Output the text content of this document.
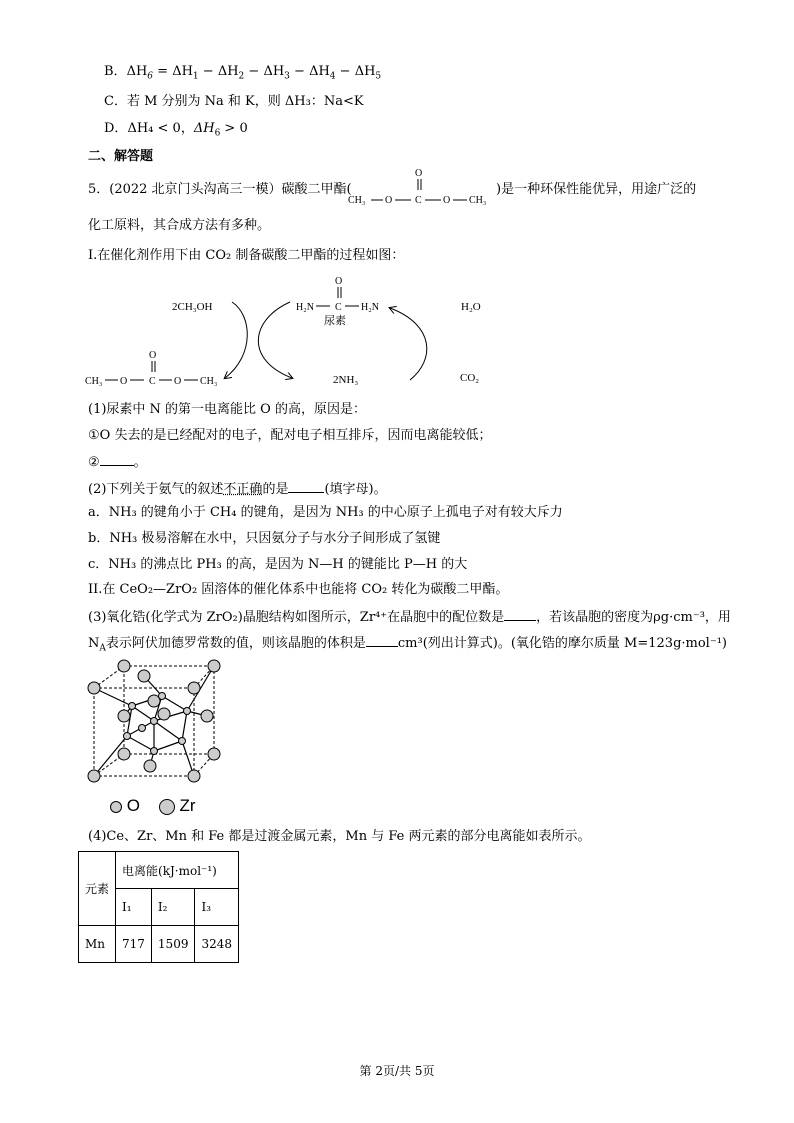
B．$\Delta H_6 = \Delta H_1 - \Delta H_2 - \Delta H_3 - \Delta H_4 - \Delta H_5$
C．若 M 分别为 Na 和 K，则 ΔH₃：Na<K
D．ΔH₄ < 0，$\Delta H_6 > 0$
二、解答题
5．(2022 北京门头沟高三一模）碳酸二甲酯(
O
CH₃ O C O CH₃
)是一种环保性能优异，用途广泛的
化工原料，其合成方法有多种。
I.在催化剂作用下由 CO₂ 制备碳酸二甲酯的过程如图：
2CH₃OH
O
H₂N C H₂N
尿素
H₂O
O
CH₃ O C O CH₃	2NH₃	CO₂
(1)尿素中 N 的第一电离能比 O 的高，原因是：
①O 失去的是已经配对的电子，配对电子相互排斥，因而电离能较低；
②	。
(2)下列关于氨气的叙述不正确的是	(填字母)。
a．NH₃ 的键角小于 CH₄ 的键角，是因为 NH₃ 的中心原子上孤电子对有较大斥力
b．NH₃ 极易溶解在水中，只因氨分子与水分子间形成了氢键
c．NH₃ 的沸点比 PH₃ 的高，是因为 N—H 的键能比 P—H 的大
II.在 CeO₂—ZrO₂ 固溶体的催化体系中也能将 CO₂ 转化为碳酸二甲酯。
(3)氧化锆(化学式为 ZrO₂)晶胞结构如图所示，Zr⁴⁺在晶胞中的配位数是 ，若该晶胞的密度为ρg·cm⁻³，用
$N_A$表示阿伏加德罗常数的值，则该晶胞的体积是 cm³(列出计算式)。(氧化锆的摩尔质量 M=123g·mol⁻¹)
O Zr
(4)Ce、Zr、Mn 和 Fe 都是过渡金属元素，Mn 与 Fe 两元素的部分电离能如表所示。
元素	电离能(kJ·mol⁻¹)		
	I₁	I₂	I₃
Mn	717	1509	3248
第 2页/共 5页
